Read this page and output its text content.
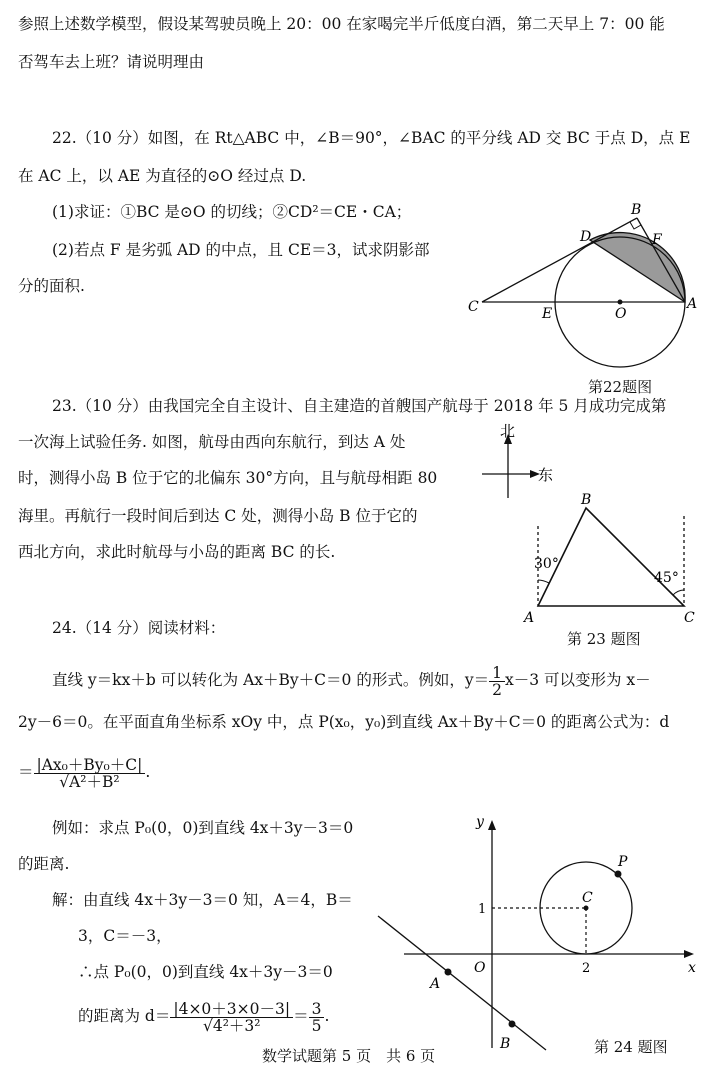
参照上述数学模型，假设某驾驶员晚上 20：00 在家喝完半斤低度白酒，第二天早上 7：00 能
否驾车去上班？请说明理由
22.（10 分）如图，在 Rt△ABC 中，∠B＝90°，∠BAC 的平分线 AD 交 BC 于点 D，点 E
在 AC 上，以 AE 为直径的⊙O 经过点 D.
(1)求证：①BC 是⊙O 的切线；②CD²＝CE・CA；
(2)若点 F 是劣弧 AD 的中点，且 CE＝3，试求阴影部
分的面积.
B
D	F
C	E	O
A
第22题图
23.（10 分）由我国完全自主设计、自主建造的首艘国产航母于 2018 年 5 月成功完成第
一次海上试验任务. 如图，航母由西向东航行，到达 A 处
时，测得小岛 B 位于它的北偏东 30°方向，且与航母相距 80
海里。再航行一段时间后到达 C 处，测得小岛 B 位于它的
西北方向，求此时航母与小岛的距离 BC 的长.
北
东
30°
45°
B
A	C
第 23 题图
24.（14 分）阅读材料：
直线 y＝kx＋b 可以转化为 Ax＋By＋C＝0 的形式。例如，$y= \frac{1}{2} x-3$ 可以变形为 x－
2y－6＝0。在平面直角坐标系 xOy 中，点 P(x₀，y₀)到直线 Ax＋By＋C＝0 的距离公式为：d
＝ $\frac{\text{|Ax₀＋By₀＋C|}}{\text{√A²＋B²}}$ .
例如：求点 P₀(0，0)到直线 4x＋3y－3＝0
的距离.
解：由直线 4x＋3y－3＝0 知，A＝4，B＝
3，C＝－3，
∴点 P₀(0，0)到直线 4x＋3y－3＝0
的距离为 $d= \frac{|4\times 0+3\times 0-3|}{\text{√4²＋3²}} = \frac{3}{5}$ .
y
x
O
1
2
C
P
A
B	第 24 题图
数学试题第 5 页　共 6 页
